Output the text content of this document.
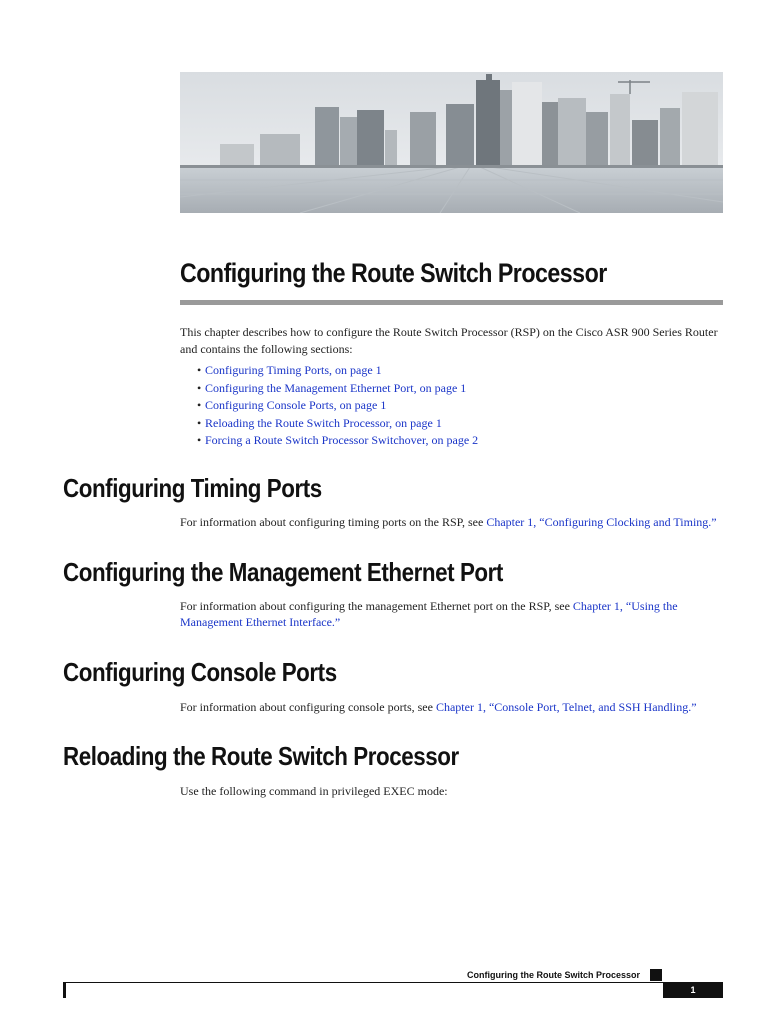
Configuring the Route Switch Processor

This chapter describes how to configure the Route Switch Processor (RSP) on the Cisco ASR 900 Series Router and contains the following sections:

• Configuring Timing Ports, on page 1
• Configuring the Management Ethernet Port, on page 1
• Configuring Console Ports, on page 1
• Reloading the Route Switch Processor, on page 1
• Forcing a Route Switch Processor Switchover, on page 2
Configuring Timing Ports

For information about configuring timing ports on the RSP, see Chapter 1, “Configuring Clocking and Timing.”

Configuring the Management Ethernet Port

For information about configuring the management Ethernet port on the RSP, see Chapter 1, “Using the Management Ethernet Interface.”

Configuring Console Ports

For information about configuring console ports, see Chapter 1, “Console Port, Telnet, and SSH Handling.”

Reloading the Route Switch Processor

Use the following command in privileged EXEC mode:

Configuring the Route Switch Processor
1
